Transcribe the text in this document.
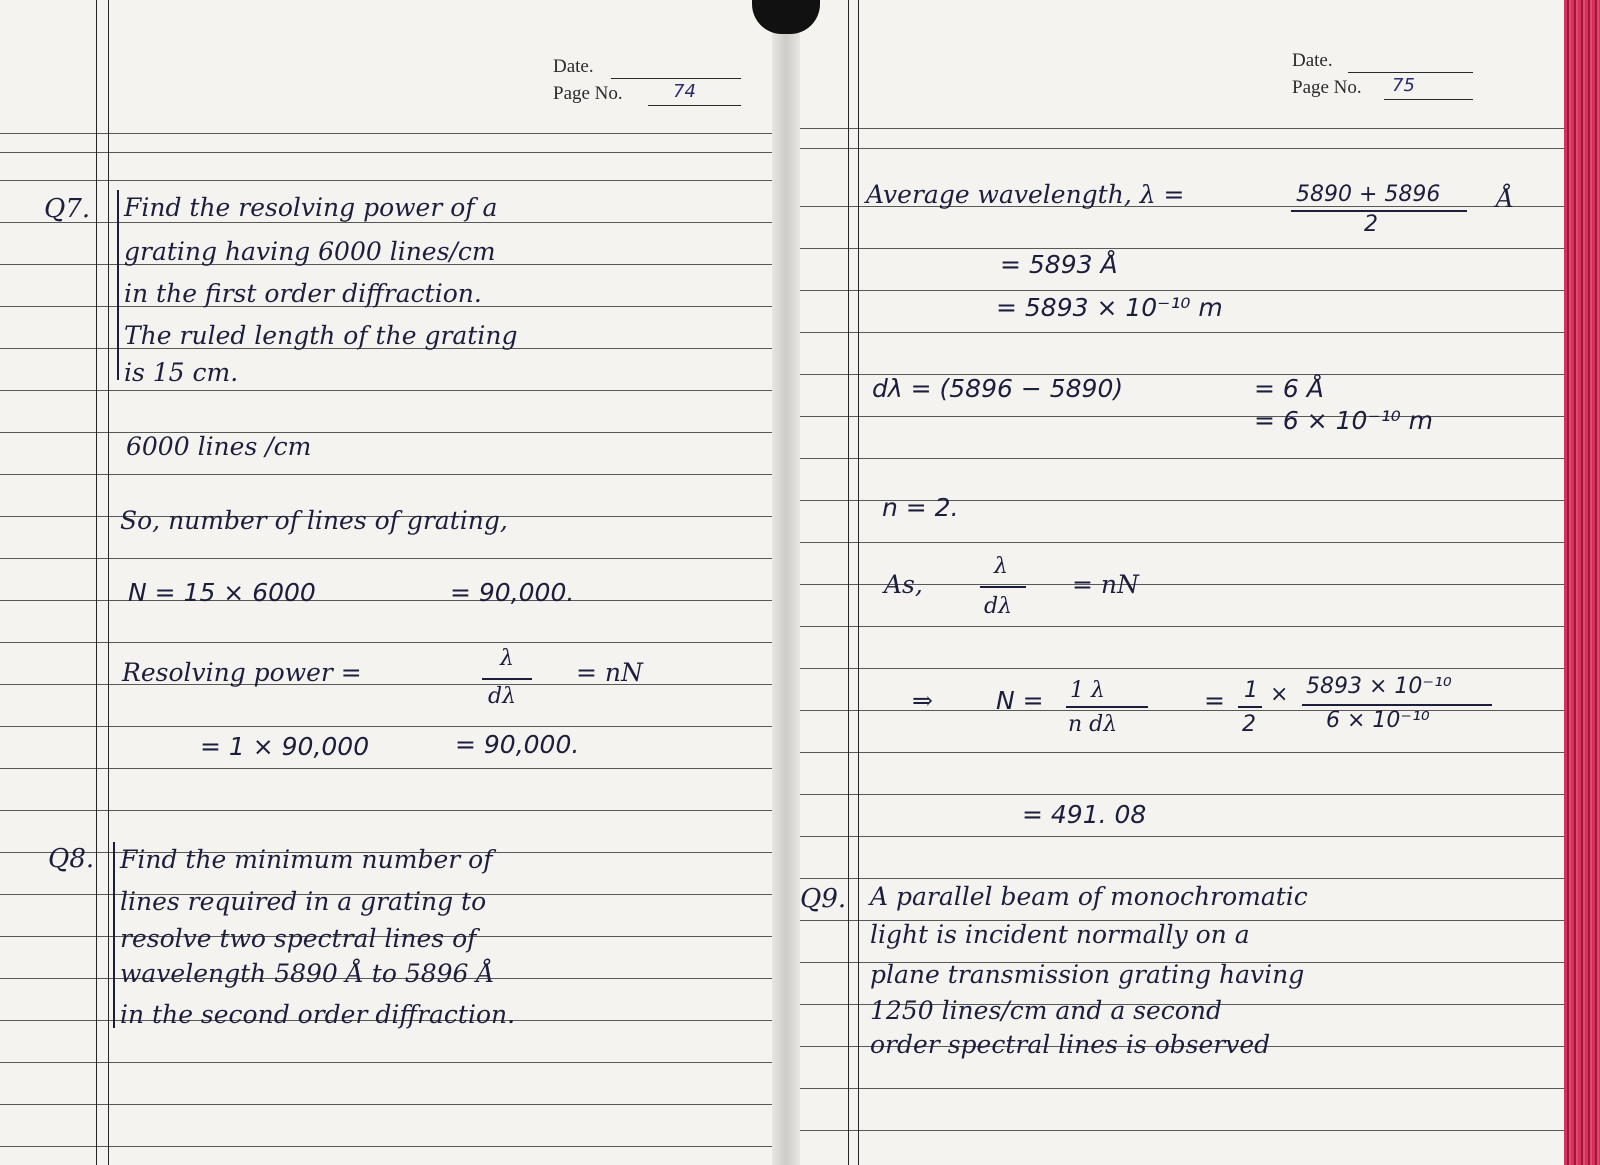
Date.
Page No.	74
Q7. Find the resolving power of a
grating having 6000 lines/cm
in the first order diffraction.
The ruled length of the grating
is 15 cm.
6000 lines /cm
So, number of lines of grating,
N = 15 × 6000	= 90,000.
Resolving power =	λ
dλ
= nN
= 1 × 90,000	= 90,000.
Q8. Find the minimum number of
lines required in a grating to
resolve two spectral lines of
wavelength 5890 Å to 5896 Å
in the second order diffraction.
Date.
Page No. 75
Average wavelength, λ =	5890 + 5896
2
Å
= 5893 Å
= 5893 × 10⁻¹⁰ m
dλ = (5896 − 5890)	= 6 Å
= 6 × 10⁻¹⁰ m
n = 2.
As,
λ
dλ
= nN
⇒	N = 1 λ
n dλ
= 1
2
× 5893 × 10⁻¹⁰
6 × 10⁻¹⁰
= 491. 08
Q9. A parallel beam of monochromatic
light is incident normally on a
plane transmission grating having
1250 lines/cm and a second
order spectral lines is observed
